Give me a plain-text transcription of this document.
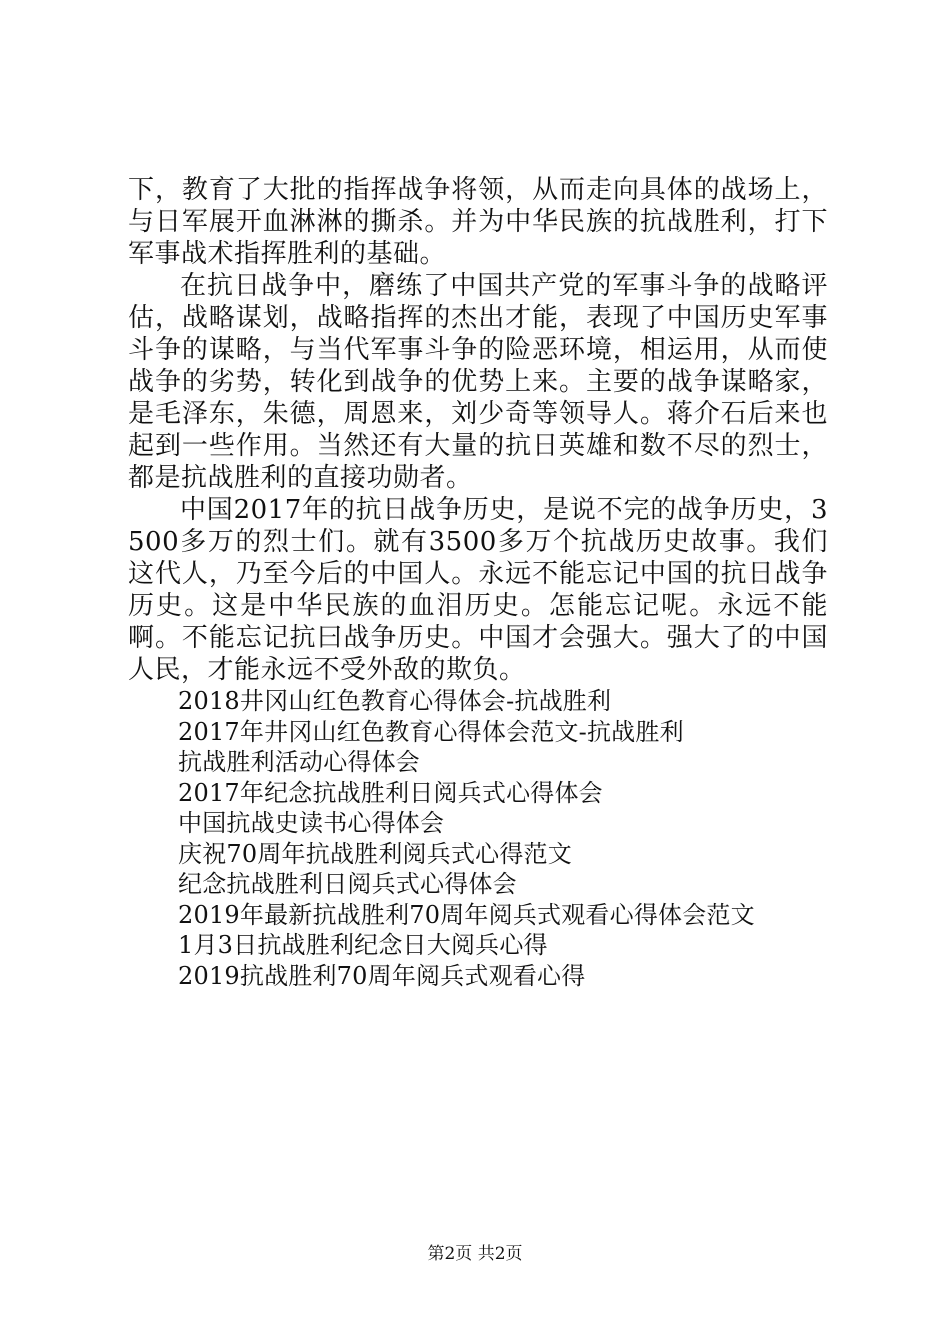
下，教育了大批的指挥战争将领，从而走向具体的战场上，与日军展开血淋淋的撕杀。并为中华民族的抗战胜利，打下军事战术指挥胜利的基础。

在抗日战争中，磨练了中国共产党的军事斗争的战略评估，战略谋划，战略指挥的杰出才能，表现了中国历史军事斗争的谋略，与当代军事斗争的险恶环境，相运用，从而使战争的劣势，转化到战争的优势上来。主要的战争谋略家，是毛泽东，朱德，周恩来，刘少奇等领导人。蒋介石后来也起到一些作用。当然还有大量的抗日英雄和数不尽的烈士，都是抗战胜利的直接功勋者。

中国2017年的抗日战争历史，是说不完的战争历史，3500多万的烈士们。就有3500多万个抗战历史故事。我们这代人，乃至今后的中囯人。永远不能忘记中国的抗日战争历史。这是中华民族的血泪历史。怎能忘记呢。永远不能啊。不能忘记抗曰战争历史。中国才会强大。强大了的中国人民，才能永远不受外敌的欺负。

2018井冈山红色教育心得体会-抗战胜利
2017年井冈山红色教育心得体会范文-抗战胜利
抗战胜利活动心得体会
2017年纪念抗战胜利日阅兵式心得体会
中国抗战史读书心得体会
庆祝70周年抗战胜利阅兵式心得范文
纪念抗战胜利日阅兵式心得体会
2019年最新抗战胜利70周年阅兵式观看心得体会范文
1月3日抗战胜利纪念日大阅兵心得
2019抗战胜利70周年阅兵式观看心得
第2页 共2页
